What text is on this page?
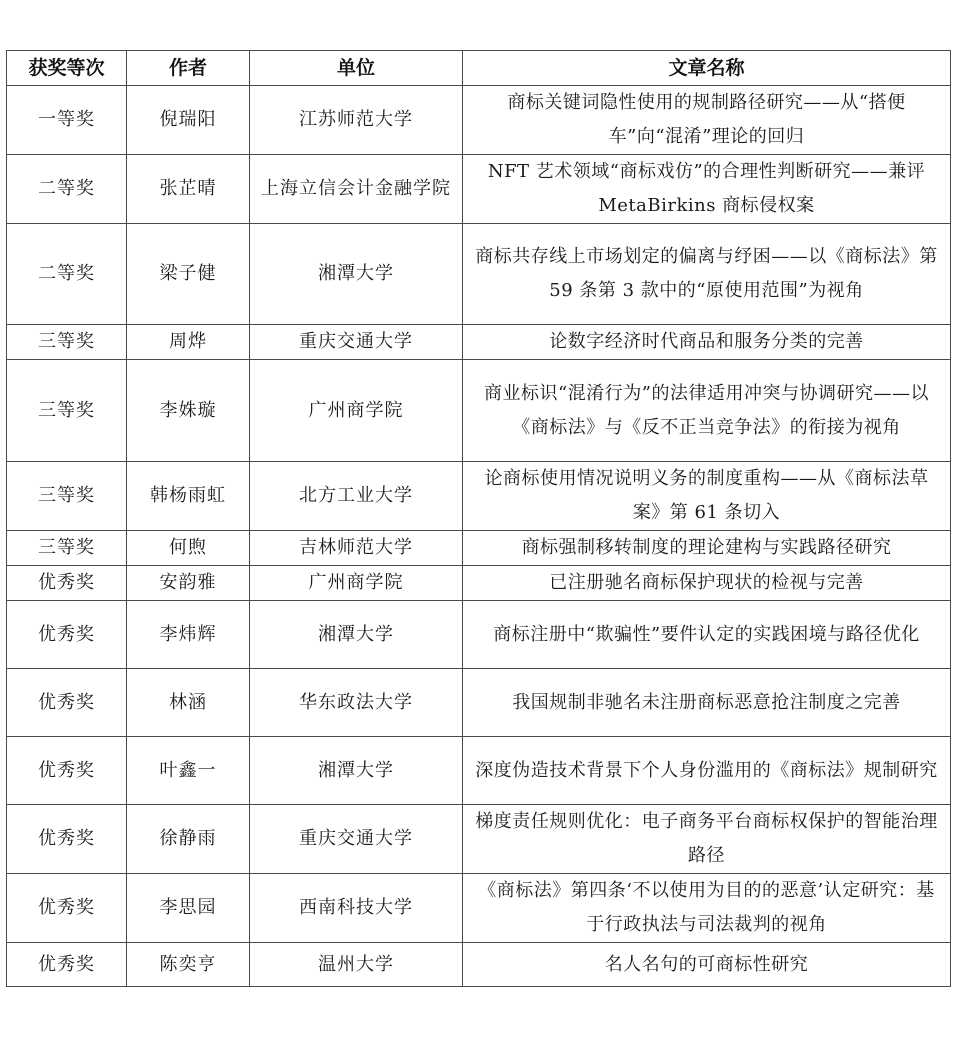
获奖等次	作者	单位	文章名称
一等奖	倪瑞阳	江苏师范大学	商标关键词隐性使用的规制路径研究——从“搭便车”向“混淆”理论的回归
二等奖	张芷晴	上海立信会计金融学院	NFT 艺术领域“商标戏仿”的合理性判断研究——兼评 MetaBirkins 商标侵权案
二等奖	梁子健	湘潭大学	商标共存线上市场划定的偏离与纾困——以《商标法》第 59 条第 3 款中的“原使用范围”为视角
三等奖	周烨	重庆交通大学	论数字经济时代商品和服务分类的完善
三等奖	李姝璇	广州商学院	商业标识“混淆行为”的法律适用冲突与协调研究——以《商标法》与《反不正当竞争法》的衔接为视角
三等奖	韩杨雨虹	北方工业大学	论商标使用情况说明义务的制度重构——从《商标法草案》第 61 条切入
三等奖	何煦	吉林师范大学	商标强制移转制度的理论建构与实践路径研究
优秀奖	安韵雅	广州商学院	已注册驰名商标保护现状的检视与完善
优秀奖	李炜辉	湘潭大学	商标注册中“欺骗性”要件认定的实践困境与路径优化
优秀奖	林涵	华东政法大学	我国规制非驰名未注册商标恶意抢注制度之完善
优秀奖	叶鑫一	湘潭大学	深度伪造技术背景下个人身份滥用的《商标法》规制研究
优秀奖	徐静雨	重庆交通大学	梯度责任规则优化：电子商务平台商标权保护的智能治理路径
优秀奖	李思园	西南科技大学	《商标法》第四条‘不以使用为目的的恶意’认定研究：基于行政执法与司法裁判的视角
优秀奖	陈奕亨	温州大学	名人名句的可商标性研究
